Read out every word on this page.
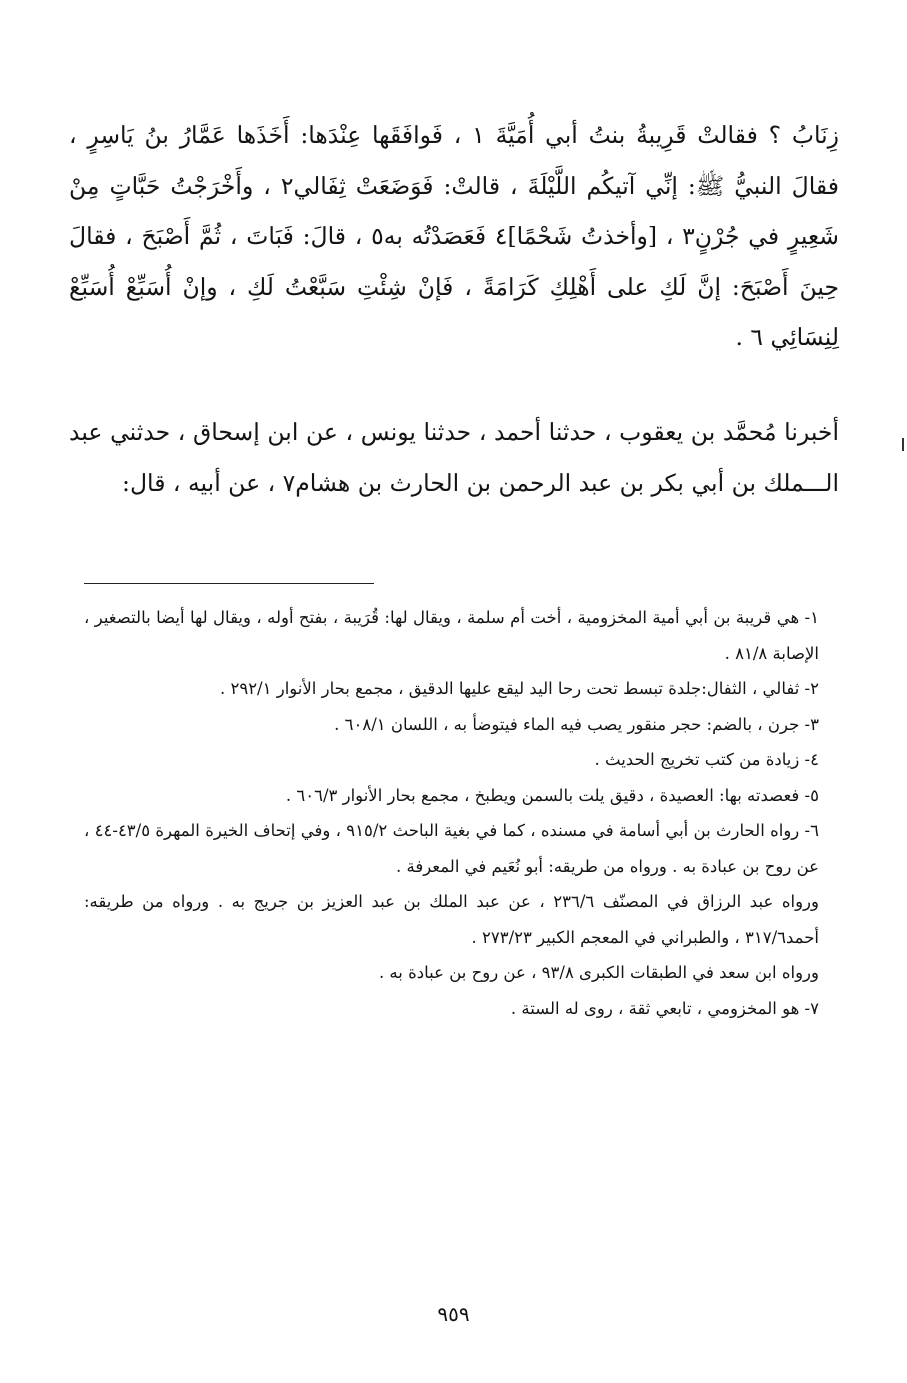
زِنَابُ ؟ فقالتْ قَرِيبةُ بنتُ أبي أُمَيَّةَ ١ ، فَوافَقَها عِنْدَها: أَخَذَها عَمَّارُ بنُ يَاسِرٍ ، فقالَ النبيُّ ﷺ: إنِّي آتيكُم اللَّيْلَةَ ، قالتْ: فَوَضَعَتْ ثِفَالي٢ ، وأَخْرَجْتُ حَبَّاتٍ مِنْ شَعِيرٍ في جُرْنٍ٣ ، [وأخذتُ شَحْمًا]٤ فَعَصَدْتُه به٥ ، قالَ: فَبَاتَ ، ثُمَّ أَصْبَحَ ، فقالَ حِينَ أَصْبَحَ: إنَّ لَكِ على أَهْلِكِ كَرَامَةً ، فَإنْ شِئْتِ سَبَّعْتُ لَكِ ، وإنْ أُسَبِّعْ أُسَبِّعْ لِنِسَائِي ٦ .

أخبرنا مُحمَّد بن يعقوب ، حدثنا أحمد ، حدثنا يونس ، عن ابن إسحاق ، حدثني عبد الـــملك بن أبي بكر بن عبد الرحمن بن الحارث بن هشام٧ ، عن أبيه ، قال:

١- هي قريبة بن أبي أمية المخزومية ، أخت أم سلمة ، ويقال لها: قُرَيبة ، بفتح أوله ، ويقال لها أيضا بالتصغير ، الإصابة ٨١/٨ .
٢- ثفالي ، الثفال:جلدة تبسط تحت رحا اليد ليقع عليها الدقيق ، مجمع بحار الأنوار ٢٩٢/١ .
٣- جرن ، بالضم: حجر منقور يصب فيه الماء فيتوضأ به ، اللسان ٦٠٨/١ .
٤- زيادة من كتب تخريج الحديث .
٥- فعصدته بها: العصيدة ، دقيق يلت بالسمن ويطبخ ، مجمع بحار الأنوار ٦٠٦/٣ .
٦- رواه الحارث بن أبي أسامة في مسنده ، كما في بغية الباحث ٩١٥/٢ ، وفي إتحاف الخيرة المهرة ٤٣/٥-٤٤ ، عن روح بن عبادة به . ورواه من طريقه: أبو نُعَيم في المعرفة .
ورواه عبد الرزاق في المصنّف ٢٣٦/٦ ، عن عبد الملك بن عبد العزيز بن جريج به . ورواه من طريقه: أحمد٣١٧/٦ ، والطبراني في المعجم الكبير ٢٧٣/٢٣ .
ورواه ابن سعد في الطبقات الكبرى ٩٣/٨ ، عن روح بن عبادة به .
٧- هو المخزومي ، تابعي ثقة ، روى له الستة .

٩٥٩
